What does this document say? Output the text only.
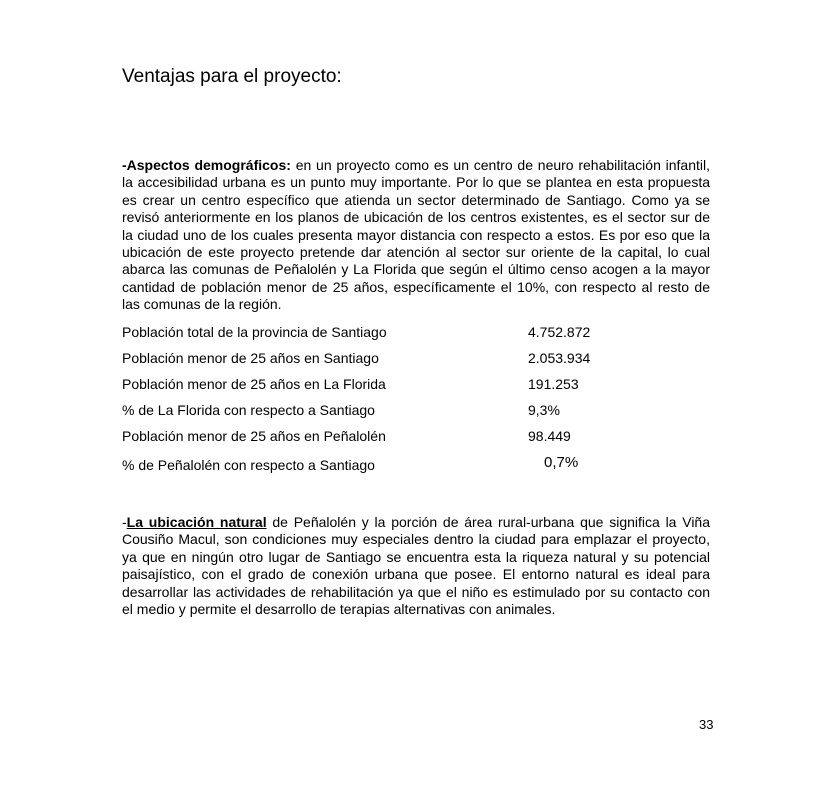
Ventajas para el proyecto:

-Aspectos demográficos: en un proyecto como es un centro de neuro rehabilitación infantil, la accesibilidad urbana es un punto muy importante. Por lo que se plantea en esta propuesta es crear un centro específico que atienda un sector determinado de Santiago. Como ya se revisó anteriormente en los planos de ubicación de los centros existentes, es el sector sur de la ciudad uno de los cuales presenta mayor distancia con respecto a estos. Es por eso que la ubicación de este proyecto pretende dar atención al sector sur oriente de la capital, lo cual abarca las comunas de Peñalolén y La Florida que según el último censo acogen a la mayor cantidad de población menor de 25 años, específicamente el 10%, con respecto al resto de las comunas de la región.

Población total de la provincia de Santiago	4.752.872
Población menor de 25 años en Santiago	2.053.934
Población menor de 25 años en La Florida	191.253
% de La Florida con respecto a Santiago	9,3%
Población menor de 25 años en Peñalolén	98.449
% de Peñalolén con respecto a Santiago	0,7%

-La ubicación natural de Peñalolén y la porción de área rural-urbana que significa la Viña Cousiño Macul, son condiciones muy especiales dentro la ciudad para emplazar el proyecto, ya que en ningún otro lugar de Santiago se encuentra esta la riqueza natural y su potencial paisajístico, con el grado de conexión urbana que posee. El entorno natural es ideal para desarrollar las actividades de rehabilitación ya que el niño es estimulado por su contacto con el medio y permite el desarrollo de terapias alternativas con animales.

33
